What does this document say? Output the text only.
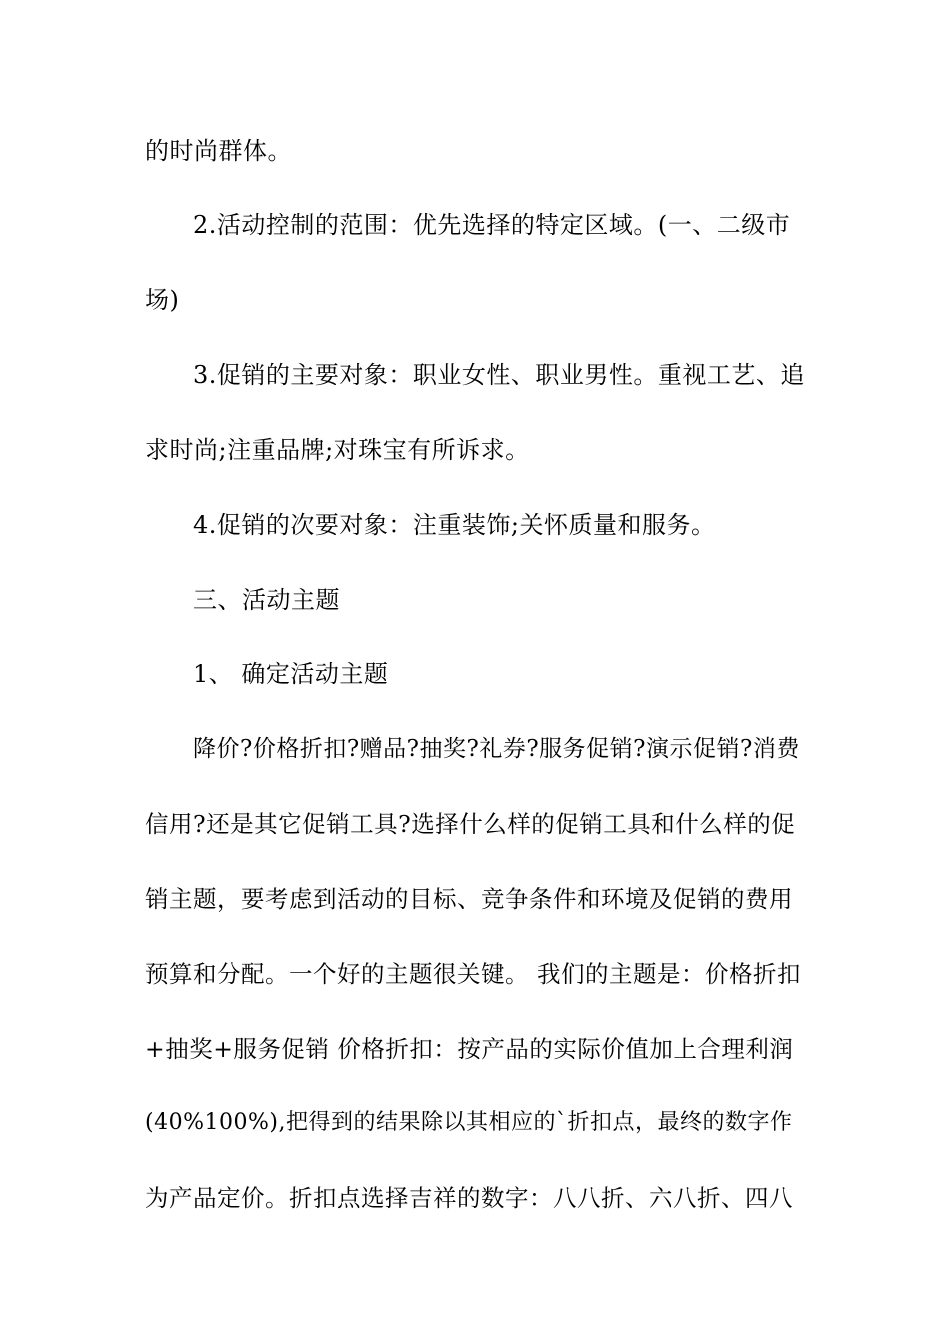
的时尚群体。
2.活动控制的范围：优先选择的特定区域。(一、二级市
场)
3.促销的主要对象：职业女性、职业男性。重视工艺、追
求时尚;注重品牌;对珠宝有所诉求。
4.促销的次要对象：注重装饰;关怀质量和服务。
三、活动主题
1、 确定活动主题
降价?价格折扣?赠品?抽奖?礼券?服务促销?演示促销?消费
信用?还是其它促销工具?选择什么样的促销工具和什么样的促
销主题，要考虑到活动的目标、竞争条件和环境及促销的费用
预算和分配。一个好的主题很关键。 我们的主题是：价格折扣
+抽奖+服务促销 价格折扣：按产品的实际价值加上合理利润
(40%100%),把得到的结果除以其相应的`折扣点，最终的数字作
为产品定价。折扣点选择吉祥的数字：八八折、六八折、四八
